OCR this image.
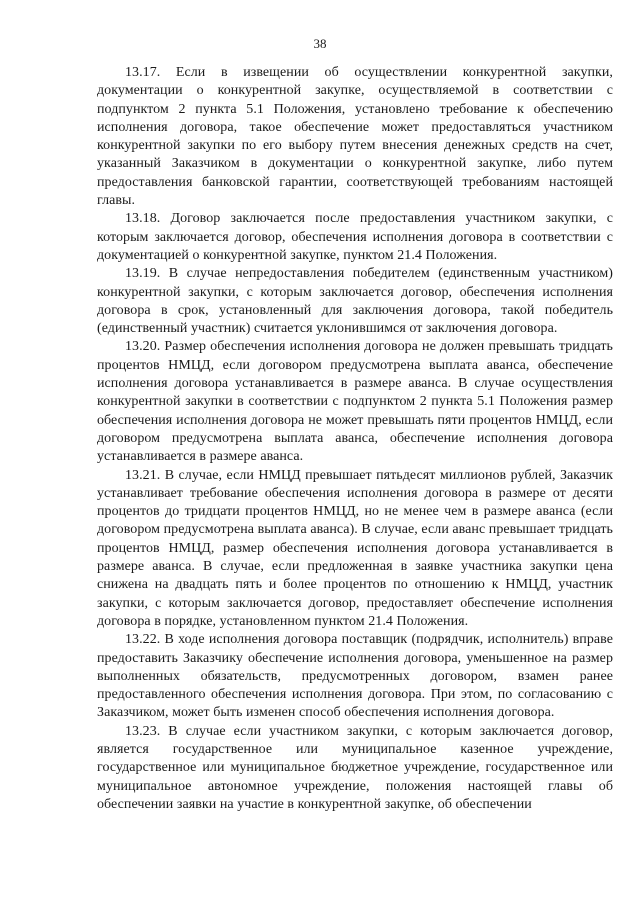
38

13.17. Если в извещении об осуществлении конкурентной закупки, документации о конкурентной закупке, осуществляемой в соответствии с подпунктом 2 пункта 5.1 Положения, установлено требование к обеспечению исполнения договора, такое обеспечение может предоставляться участником конкурентной закупки по его выбору путем внесения денежных средств на счет, указанный Заказчиком в документации о конкурентной закупке, либо путем предоставления банковской гарантии, соответствующей требованиям настоящей главы.

13.18. Договор заключается после предоставления участником закупки, с которым заключается договор, обеспечения исполнения договора в соответствии с документацией о конкурентной закупке, пунктом 21.4 Положения.

13.19. В случае непредоставления победителем (единственным участником) конкурентной закупки, с которым заключается договор, обеспечения исполнения договора в срок, установленный для заключения договора, такой победитель (единственный участник) считается уклонившимся от заключения договора.

13.20. Размер обеспечения исполнения договора не должен превышать тридцать процентов НМЦД, если договором предусмотрена выплата аванса, обеспечение исполнения договора устанавливается в размере аванса. В случае осуществления конкурентной закупки в соответствии с подпунктом 2 пункта 5.1 Положения размер обеспечения исполнения договора не может превышать пяти процентов НМЦД, если договором предусмотрена выплата аванса, обеспечение исполнения договора устанавливается в размере аванса.

13.21. В случае, если НМЦД превышает пятьдесят миллионов рублей, Заказчик устанавливает требование обеспечения исполнения договора в размере от десяти процентов до тридцати процентов НМЦД, но не менее чем в размере аванса (если договором предусмотрена выплата аванса). В случае, если аванс превышает тридцать процентов НМЦД, размер обеспечения исполнения договора устанавливается в размере аванса. В случае, если предложенная в заявке участника закупки цена снижена на двадцать пять и более процентов по отношению к НМЦД, участник закупки, с которым заключается договор, предоставляет обеспечение исполнения договора в порядке, установленном пунктом 21.4 Положения.

13.22. В ходе исполнения договора поставщик (подрядчик, исполнитель) вправе предоставить Заказчику обеспечение исполнения договора, уменьшенное на размер выполненных обязательств, предусмотренных договором, взамен ранее предоставленного обеспечения исполнения договора. При этом, по согласованию с Заказчиком, может быть изменен способ обеспечения исполнения договора.

13.23. В случае если участником закупки, с которым заключается договор, является государственное или муниципальное казенное учреждение, государственное или муниципальное бюджетное учреждение, государственное или муниципальное автономное учреждение, положения настоящей главы об обеспечении заявки на участие в конкурентной закупке, об обеспечении
